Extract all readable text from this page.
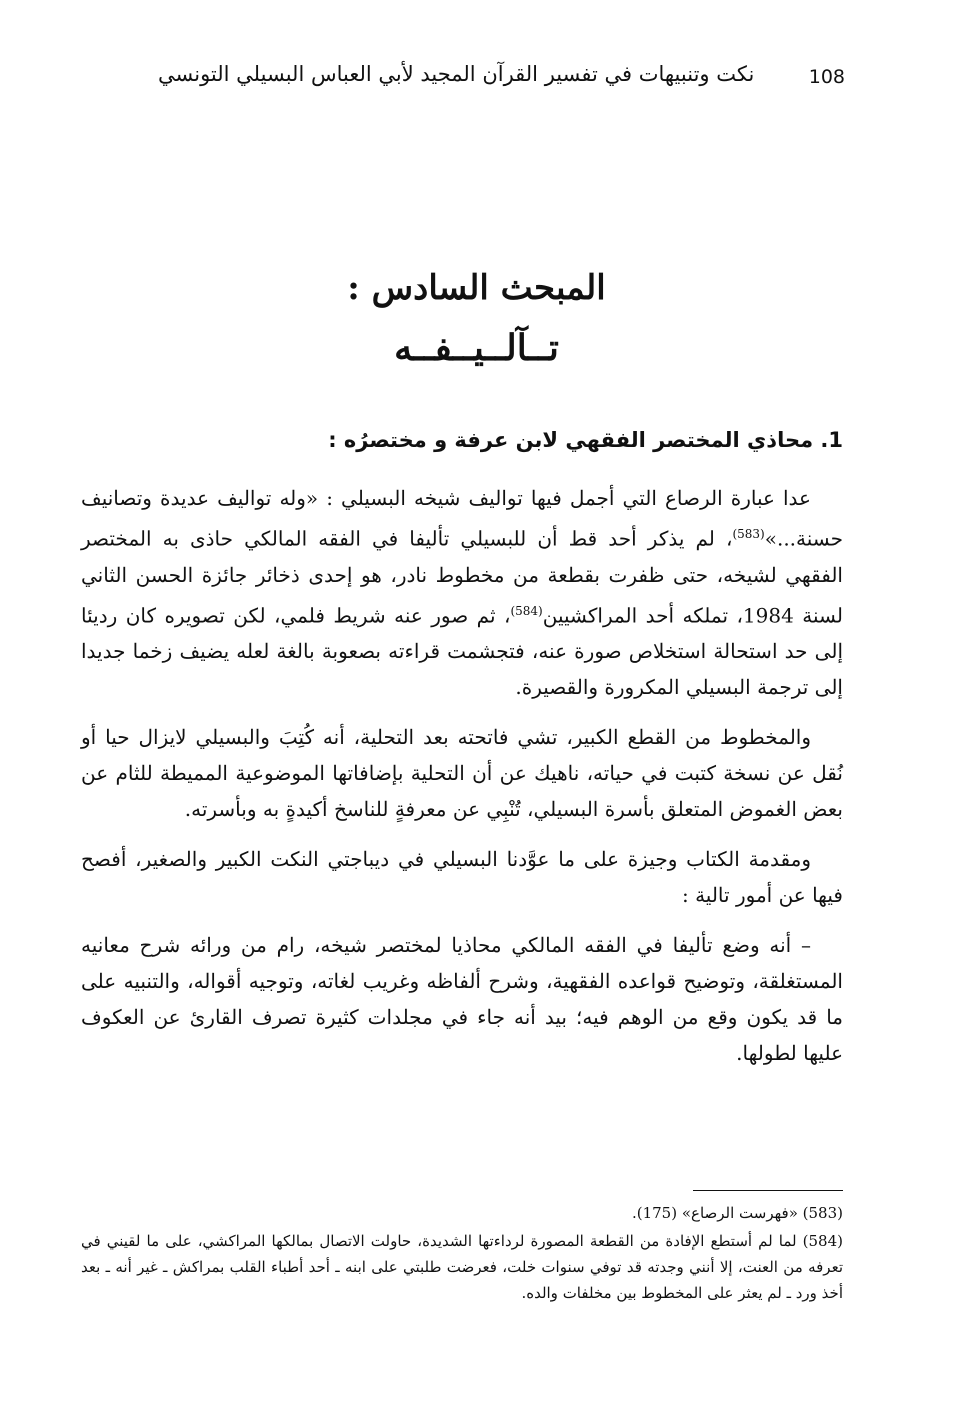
108
نكت وتنبيهات في تفسير القرآن المجيد لأبي العباس البسيلي التونسي
المبحث السادس :
تــآلــيــفــه
1. محاذي المختصر الفقهي لابن عرفة و مختصرُه :

عدا عبارة الرصاع التي أجمل فيها تواليف شيخه البسيلي : «وله تواليف عديدة وتصانيف حسنة...»$^{(583)}$، لم يذكر أحد قط أن للبسيلي تأليفا في الفقه المالكي حاذى به المختصر الفقهي لشيخه، حتى ظفرت بقطعة من مخطوط نادر، هو إحدى ذخائر جائزة الحسن الثاني لسنة 1984، تملكه أحد المراكشيين$^{(584)}$، ثم صور عنه شريط فلمي، لكن تصويره كان رديئا إلى حد استحالة استخلاص صورة عنه، فتجشمت قراءته بصعوبة بالغة لعله يضيف زخما جديدا إلى ترجمة البسيلي المكرورة والقصيرة.

والمخطوط من القطع الكبير، تشي فاتحته بعد التحلية، أنه كُتِبَ والبسيلي لايزال حيا أو نُقل عن نسخة كتبت في حياته، ناهيك عن أن التحلية بإضافاتها الموضوعية المميطة للثام عن بعض الغموض المتعلق بأسرة البسيلي، تُنْبِي عن معرفةٍ للناسخ أكيدةٍ به وبأسرته.

ومقدمة الكتاب وجيزة على ما عوَّدنا البسيلي في ديباجتي النكت الكبير والصغير، أفصح فيها عن أمور تالية :

– أنه وضع تأليفا في الفقه المالكي محاذيا لمختصر شيخه، رام من ورائه شرح معانيه المستغلقة، وتوضيح قواعده الفقهية، وشرح ألفاظه وغريب لغاته، وتوجيه أقواله، والتنبيه على ما قد يكون وقع من الوهم فيه؛ بيد أنه جاء في مجلدات كثيرة تصرف القارئ عن العكوف عليها لطولها.

(583) «فهرست الرصاع» (175).

(584) لما لم أستطع الإفادة من القطعة المصورة لرداءتها الشديدة، حاولت الاتصال بمالكها المراكشي، على ما لقيني في تعرفه من العنت، إلا أنني وجدته قد توفي سنوات خلت، فعرضت طلبتي على ابنه ـ أحد أطباء القلب بمراكش ـ غير أنه ـ بعد أخذ ورد ـ لم يعثر على المخطوط بين مخلفات والده.
